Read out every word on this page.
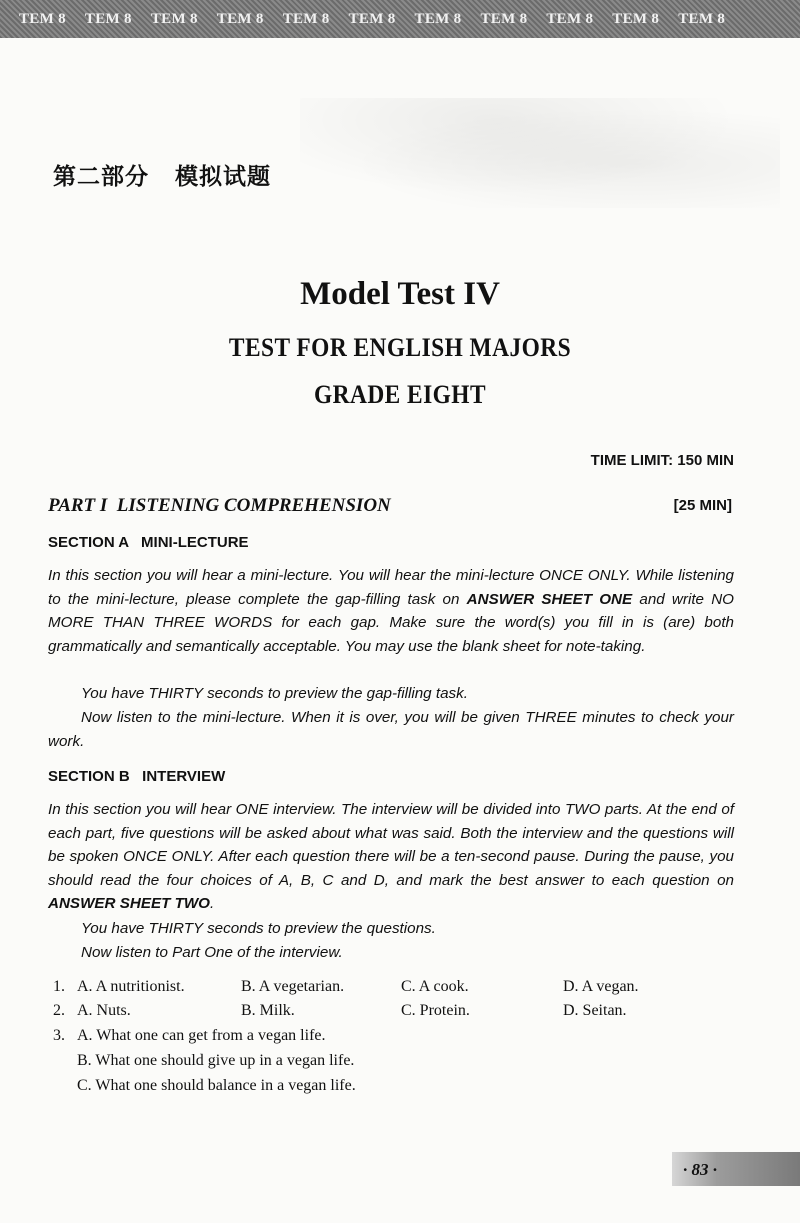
TEM 8 TEM 8 TEM 8 TEM 8 TEM 8 TEM 8 TEM 8 TEM 8 TEM 8 TEM 8 TEM 8
第二部分 模拟试题
Model Test IV
TEST FOR ENGLISH MAJORS
GRADE EIGHT
TIME LIMIT: 150 MIN
PART I  LISTENING COMPREHENSION	[25 MIN]
SECTION A   MINI-LECTURE

In this section you will hear a mini-lecture. You will hear the mini-lecture ONCE ONLY. While listening to the mini-lecture, please complete the gap-filling task on ANSWER SHEET ONE and write NO MORE THAN THREE WORDS for each gap. Make sure the word(s) you fill in is (are) both grammatically and semantically acceptable. You may use the blank sheet for note-taking.

You have THIRTY seconds to preview the gap-filling task.

Now listen to the mini-lecture. When it is over, you will be given THREE minutes to check your work.

SECTION B   INTERVIEW

In this section you will hear ONE interview. The interview will be divided into TWO parts. At the end of each part, five questions will be asked about what was said. Both the interview and the questions will be spoken ONCE ONLY. After each question there will be a ten-second pause. During the pause, you should read the four choices of A, B, C and D, and mark the best answer to each question on ANSWER SHEET TWO.

You have THIRTY seconds to preview the questions.

Now listen to Part One of the interview.

1. A. A nutritionist.	B. A vegetarian.	C. A cook.	D. A vegan.
2. A. Nuts.	B. Milk.	C. Protein.	D. Seitan.
3. A. What one can get from a vegan life.
B. What one should give up in a vegan life.
C. What one should balance in a vegan life.
· 83 ·
